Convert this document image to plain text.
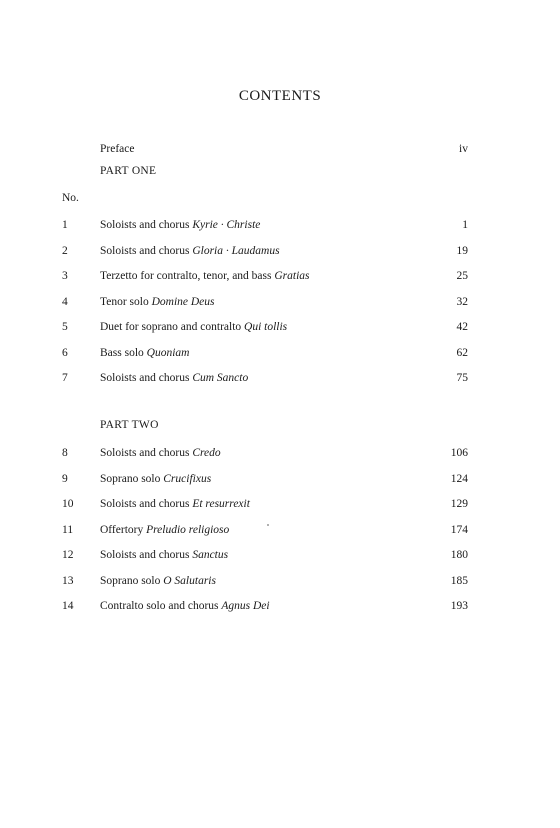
CONTENTS
Preface	iv
PART ONE
No.
1	Soloists and chorus Kyrie · Christe	1
2	Soloists and chorus Gloria · Laudamus	19
3	Terzetto for contralto, tenor, and bass Gratias	25
4	Tenor solo Domine Deus	32
5	Duet for soprano and contralto Qui tollis	42
6	Bass solo Quoniam	62
7	Soloists and chorus Cum Sancto	75
PART TWO
8	Soloists and chorus Credo	106
9	Soprano solo Crucifixus	124
10 Soloists and chorus Et resurrexit	129
11 Offertory Preludio religioso	174
12 Soloists and chorus Sanctus	180
13 Soprano solo O Salutaris	185
14 Contralto solo and chorus Agnus Dei	193
